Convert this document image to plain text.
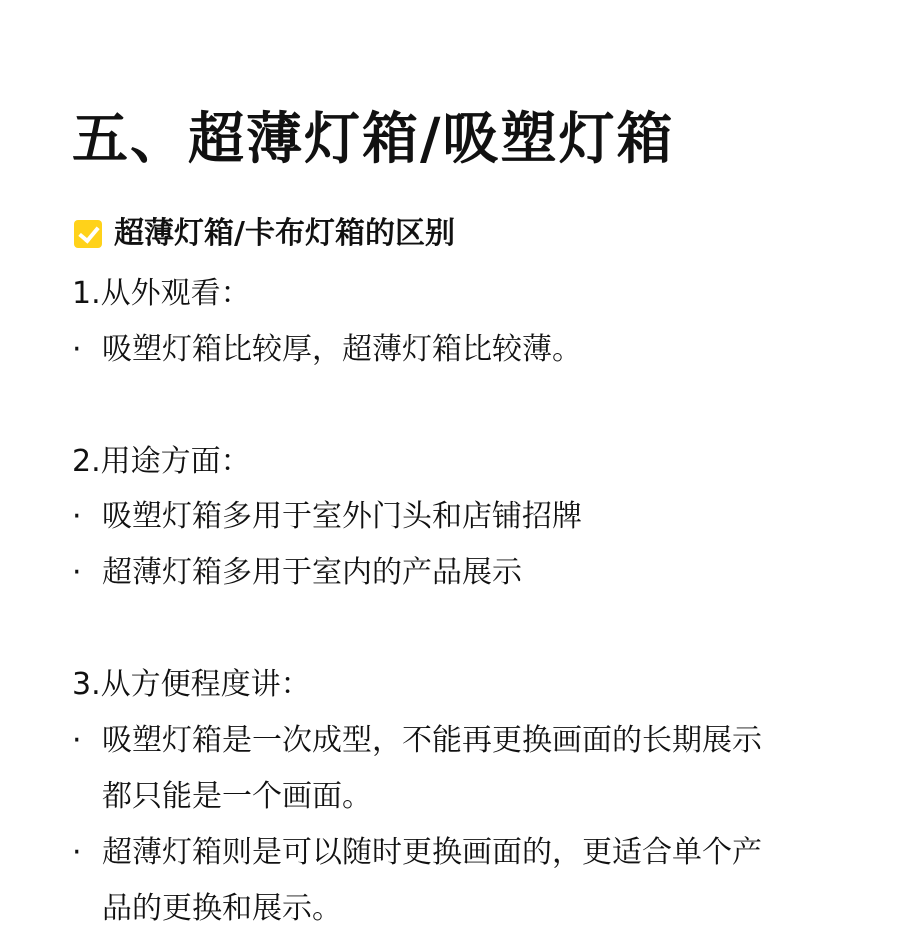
五、超薄灯箱/吸塑灯箱
超薄灯箱/卡布灯箱的区别
1.从外观看：
· 吸塑灯箱比较厚，超薄灯箱比较薄。
2.用途方面：
· 吸塑灯箱多用于室外门头和店铺招牌
· 超薄灯箱多用于室内的产品展示
3.从方便程度讲：
· 吸塑灯箱是一次成型，不能再更换画面的长期展示
都只能是一个画面。
· 超薄灯箱则是可以随时更换画面的，更适合单个产
品的更换和展示。
